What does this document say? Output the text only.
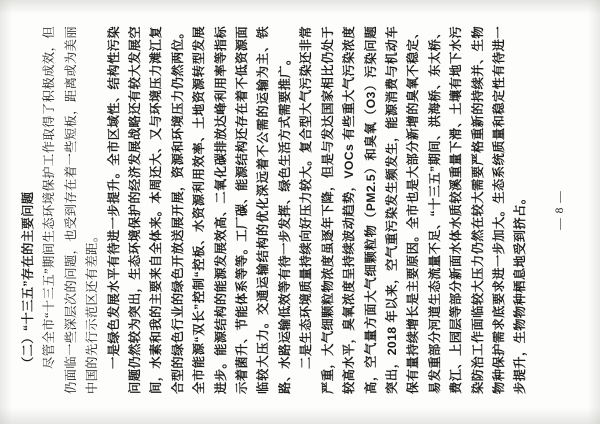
（二）“十三五”存在的主要问题 尽管全市“十三五”期间生态环境保护工作取得了积极成效，但仍面临一些深层次的问题，也受到存在着一些短板，距离或为美丽中国的先行示范区还有差距。 一是绿色发展水平有待进一步提升。全市区域性、结构性污染问题仍然较为突出，生态环境保护的经济发展战略还有较大发展空间，水素和我的主要来自全体来。本周还大、又与环境压力滩江复合型的绿色行业的绿色开放送展开展，资源和环境压力仍然两位。全市能源“双长”控制“控板、水资源利用效率、土地资源转型发展进步。能源结构的能源发展效高、二氧化碳排放达峰利用率等指标示着菌升、节能体系等等。工厂碳、能源结构还存在着不低资源面临较大压力。交通运输结构的优化深远着不公需的运输为主、铁路、水路运输低效等有待一步发挥、绿色生活方式需要推广。 二是生态环境质量持续向好压力较大。复合型大气污染还非常严重，大气细颗粒物浓度虽逐年下降，但是与发达国家相比仍处于较高水平，臭氧浓度呈持续波动趋势，VOCs 有些重大气污染浓度高，空气量方面大气细颗粒物（PM2.5）和臭氧（O3）污染问题突出，2018 年以来，空气重污染发生频发生，能源消费与机动车保有量持续增长是主要原因。全市也是大部分新增的臭氧不稳定、易发重部分河道生态流量不足、“十三五”期间、洪海桥、东太桥、费江、上园层等部分新面水体水质较溪重量下滑、土壤有地下水污染防治工作面临较大压力仍然在较大需要严格重新的持续并、生物物种保护需求底要求进一步加大。生态系统质量和稳定性有待进一步提升，生物物种栖息地受到挤占。	— 8 —
